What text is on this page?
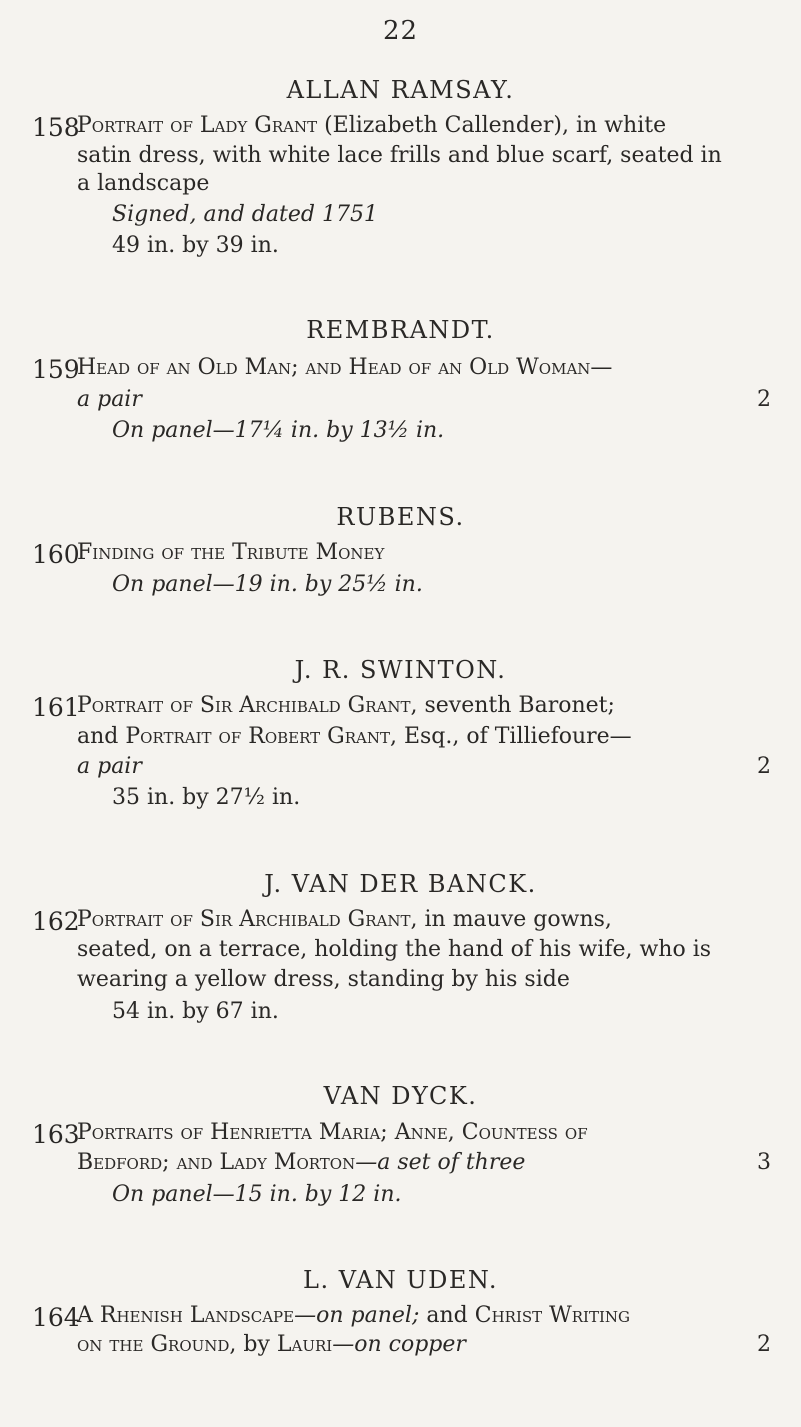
22
ALLAN RAMSAY.
158
Portrait of Lady Grant (Elizabeth Callender), in white
satin dress, with white lace frills and blue scarf, seated in
a landscape
Signed, and dated 1751
49 in. by 39 in.
REMBRANDT.
159
Head of an Old Man; and Head of an Old Woman—
a pair	2
On panel—17¼ in. by 13½ in.
RUBENS.
160
Finding of the Tribute Money
On panel—19 in. by 25½ in.
J. R. SWINTON.
161
Portrait of Sir Archibald Grant, seventh Baronet;
and Portrait of Robert Grant, Esq., of Tilliefoure—
a pair	2
35 in. by 27½ in.
J. VAN DER BANCK.
162
Portrait of Sir Archibald Grant, in mauve gowns,
seated, on a terrace, holding the hand of his wife, who is
wearing a yellow dress, standing by his side
54 in. by 67 in.
VAN DYCK.
163
Portraits of Henrietta Maria; Anne, Countess of
Bedford; and Lady Morton—a set of three	3
On panel—15 in. by 12 in.
L. VAN UDEN.
164
A Rhenish Landscape—on panel; and Christ Writing
on the Ground, by Lauri—on copper	2
